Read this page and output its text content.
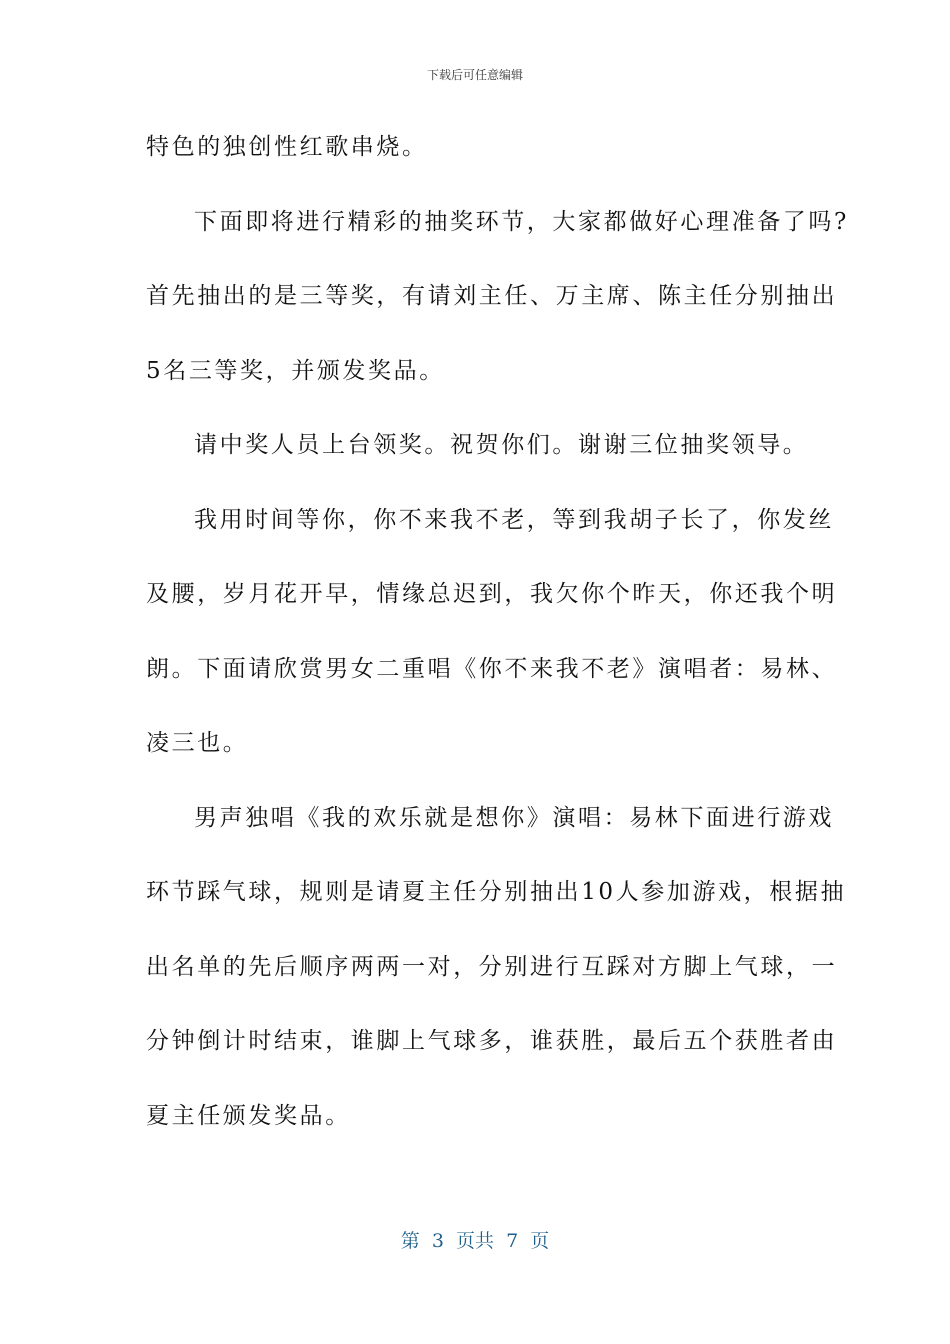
下载后可任意编辑
特色的独创性红歌串烧。
下面即将进行精彩的抽奖环节，大家都做好心理准备了吗?
首先抽出的是三等奖，有请刘主任、万主席、陈主任分别抽出
5名三等奖，并颁发奖品。
请中奖人员上台领奖。祝贺你们。谢谢三位抽奖领导。
我用时间等你，你不来我不老，等到我胡子长了，你发丝
及腰，岁月花开早，情缘总迟到，我欠你个昨天，你还我个明
朗。下面请欣赏男女二重唱《你不来我不老》演唱者：易林、
凌三也。
男声独唱《我的欢乐就是想你》演唱：易林下面进行游戏
环节踩气球，规则是请夏主任分别抽出10人参加游戏，根据抽
出名单的先后顺序两两一对，分别进行互踩对方脚上气球，一
分钟倒计时结束，谁脚上气球多，谁获胜，最后五个获胜者由
夏主任颁发奖品。
第  3  页共  7  页
